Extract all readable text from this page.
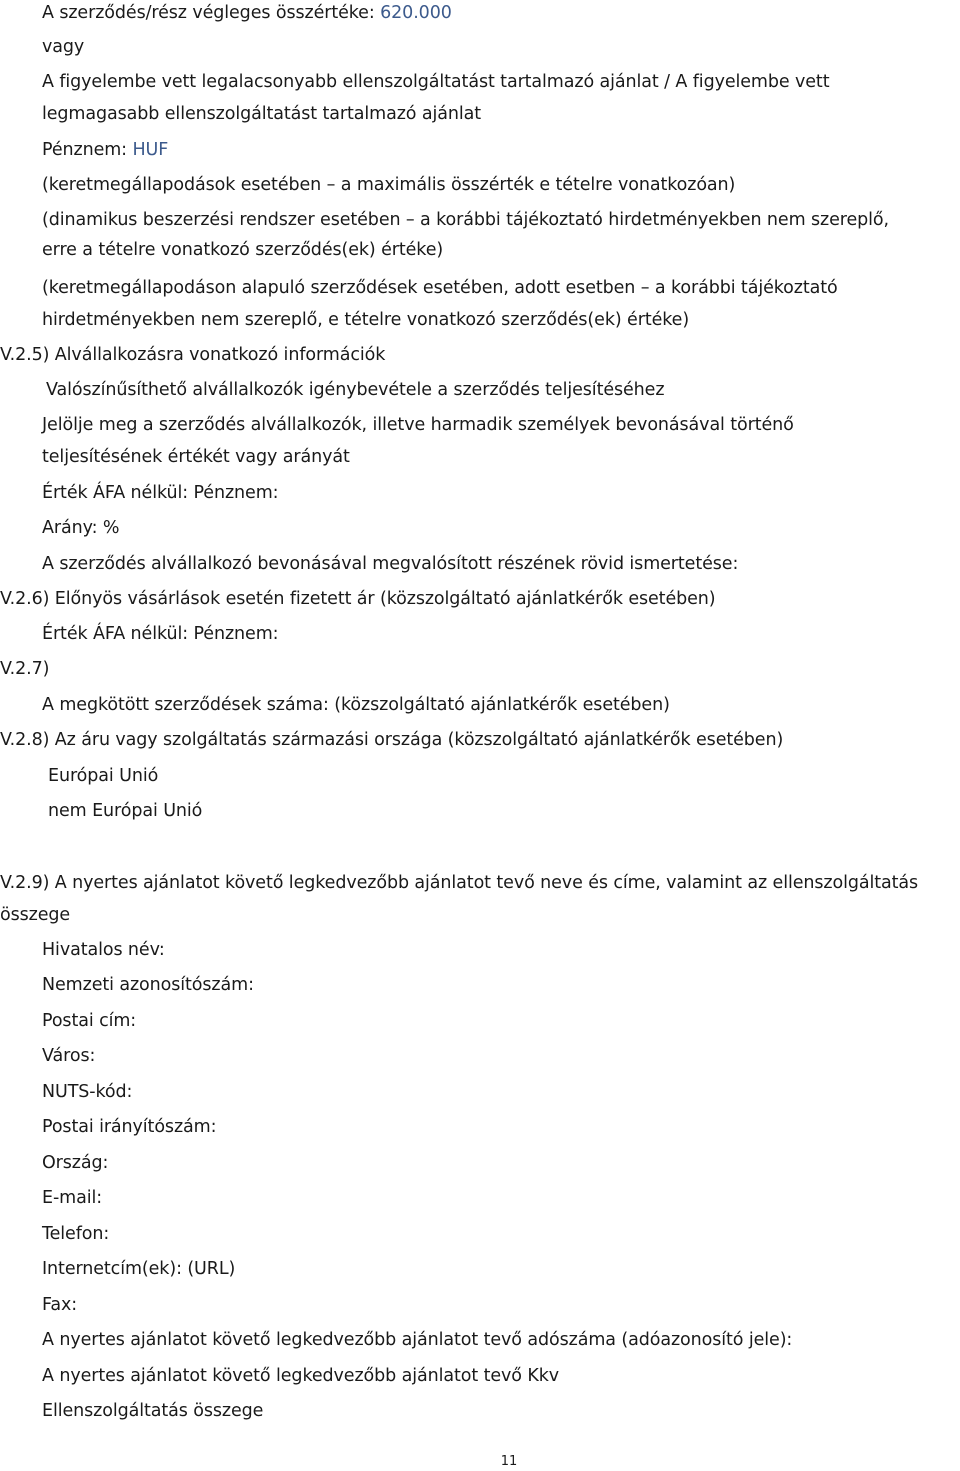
A szerződés/rész végleges összértéke: 620.000
vagy
A figyelembe vett legalacsonyabb ellenszolgáltatást tartalmazó ajánlat / A figyelembe vett
legmagasabb ellenszolgáltatást tartalmazó ajánlat
Pénznem: HUF
(keretmegállapodások esetében – a maximális összérték e tételre vonatkozóan)
(dinamikus beszerzési rendszer esetében – a korábbi tájékoztató hirdetményekben nem szereplő,
erre a tételre vonatkozó szerződés(ek) értéke)
(keretmegállapodáson alapuló szerződések esetében, adott esetben – a korábbi tájékoztató
hirdetményekben nem szereplő, e tételre vonatkozó szerződés(ek) értéke)
V.2.5) Alvállalkozásra vonatkozó információk
Valószínűsíthető alvállalkozók igénybevétele a szerződés teljesítéséhez
Jelölje meg a szerződés alvállalkozók, illetve harmadik személyek bevonásával történő
teljesítésének értékét vagy arányát
Érték ÁFA nélkül: Pénznem:
Arány: %
A szerződés alvállalkozó bevonásával megvalósított részének rövid ismertetése:
V.2.6) Előnyös vásárlások esetén fizetett ár (közszolgáltató ajánlatkérők esetében)
Érték ÁFA nélkül: Pénznem:
V.2.7)
A megkötött szerződések száma: (közszolgáltató ajánlatkérők esetében)
V.2.8) Az áru vagy szolgáltatás származási országa (közszolgáltató ajánlatkérők esetében)
Európai Unió
nem Európai Unió
V.2.9) A nyertes ajánlatot követő legkedvezőbb ajánlatot tevő neve és címe, valamint az ellenszolgáltatás
összege
Hivatalos név:
Nemzeti azonosítószám:
Postai cím:
Város:
NUTS-kód:
Postai irányítószám:
Ország:
E-mail:
Telefon:
Internetcím(ek): (URL)
Fax:
A nyertes ajánlatot követő legkedvezőbb ajánlatot tevő adószáma (adóazonosító jele):
A nyertes ajánlatot követő legkedvezőbb ajánlatot tevő Kkv
Ellenszolgáltatás összege
11
